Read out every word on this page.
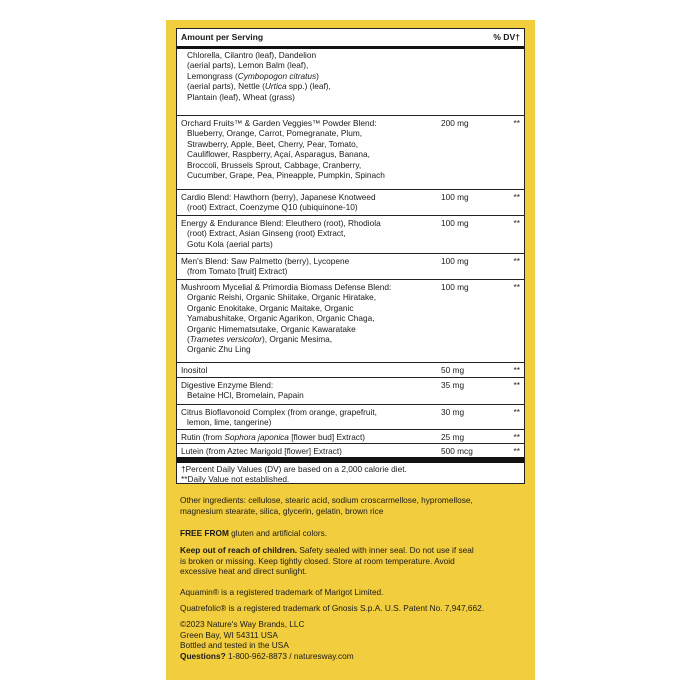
Amount per Serving	% DV†
Chlorella, Cilantro (leaf), Dandelion
(aerial parts), Lemon Balm (leaf),
Lemongrass (Cymbopogon citratus)
(aerial parts), Nettle (Urtica spp.) (leaf),
Plantain (leaf), Wheat (grass)
Orchard Fruits™ & Garden Veggies™ Powder Blend:
Blueberry, Orange, Carrot, Pomegranate, Plum,
Strawberry, Apple, Beet, Cherry, Pear, Tomato,
Cauliflower, Raspberry, Açaí, Asparagus, Banana,
Broccoli, Brussels Sprout, Cabbage, Cranberry,
Cucumber, Grape, Pea, Pineapple, Pumpkin, Spinach
200 mg	**
Cardio Blend: Hawthorn (berry), Japanese Knotweed
(root) Extract, Coenzyme Q10 (ubiquinone-10)
100 mg	**
Energy & Endurance Blend: Eleuthero (root), Rhodiola
(root) Extract, Asian Ginseng (root) Extract,
Gotu Kola (aerial parts)
100 mg	**
Men's Blend: Saw Palmetto (berry), Lycopene
(from Tomato [fruit] Extract)
100 mg	**
Mushroom Mycelial & Primordia Biomass Defense Blend:
Organic Reishi, Organic Shiitake, Organic Hiratake,
Organic Enokitake, Organic Maitake, Organic
Yamabushitake, Organic Agarikon, Organic Chaga,
Organic Himematsutake, Organic Kawaratake
(Trametes versicolor), Organic Mesima,
Organic Zhu Ling
100 mg	**
Inositol	50 mg	**
Digestive Enzyme Blend:
Betaine HCl, Bromelain, Papain
35 mg	**
Citrus Bioflavonoid Complex (from orange, grapefruit,
lemon, lime, tangerine)
30 mg	**
Rutin (from Sophora japonica [flower bud] Extract)	25 mg	**
Lutein (from Aztec Marigold [flower] Extract)	500 mcg	**
†Percent Daily Values (DV) are based on a 2,000 calorie diet.
**Daily Value not established.
Other ingredients: cellulose, stearic acid, sodium croscarmellose, hypromellose,
magnesium stearate, silica, glycerin, gelatin, brown rice
FREE FROM gluten and artificial colors.
Keep out of reach of children. Safety sealed with inner seal. Do not use if seal
is broken or missing. Keep tightly closed. Store at room temperature. Avoid
excessive heat and direct sunlight.
Aquamin® is a registered trademark of Marigot Limited.
Quatrefolic® is a registered trademark of Gnosis S.p.A. U.S. Patent No. 7,947,662.
©2023 Nature's Way Brands, LLC
Green Bay, WI 54311 USA
Bottled and tested in the USA
Questions? 1-800-962-8873 / naturesway.com
